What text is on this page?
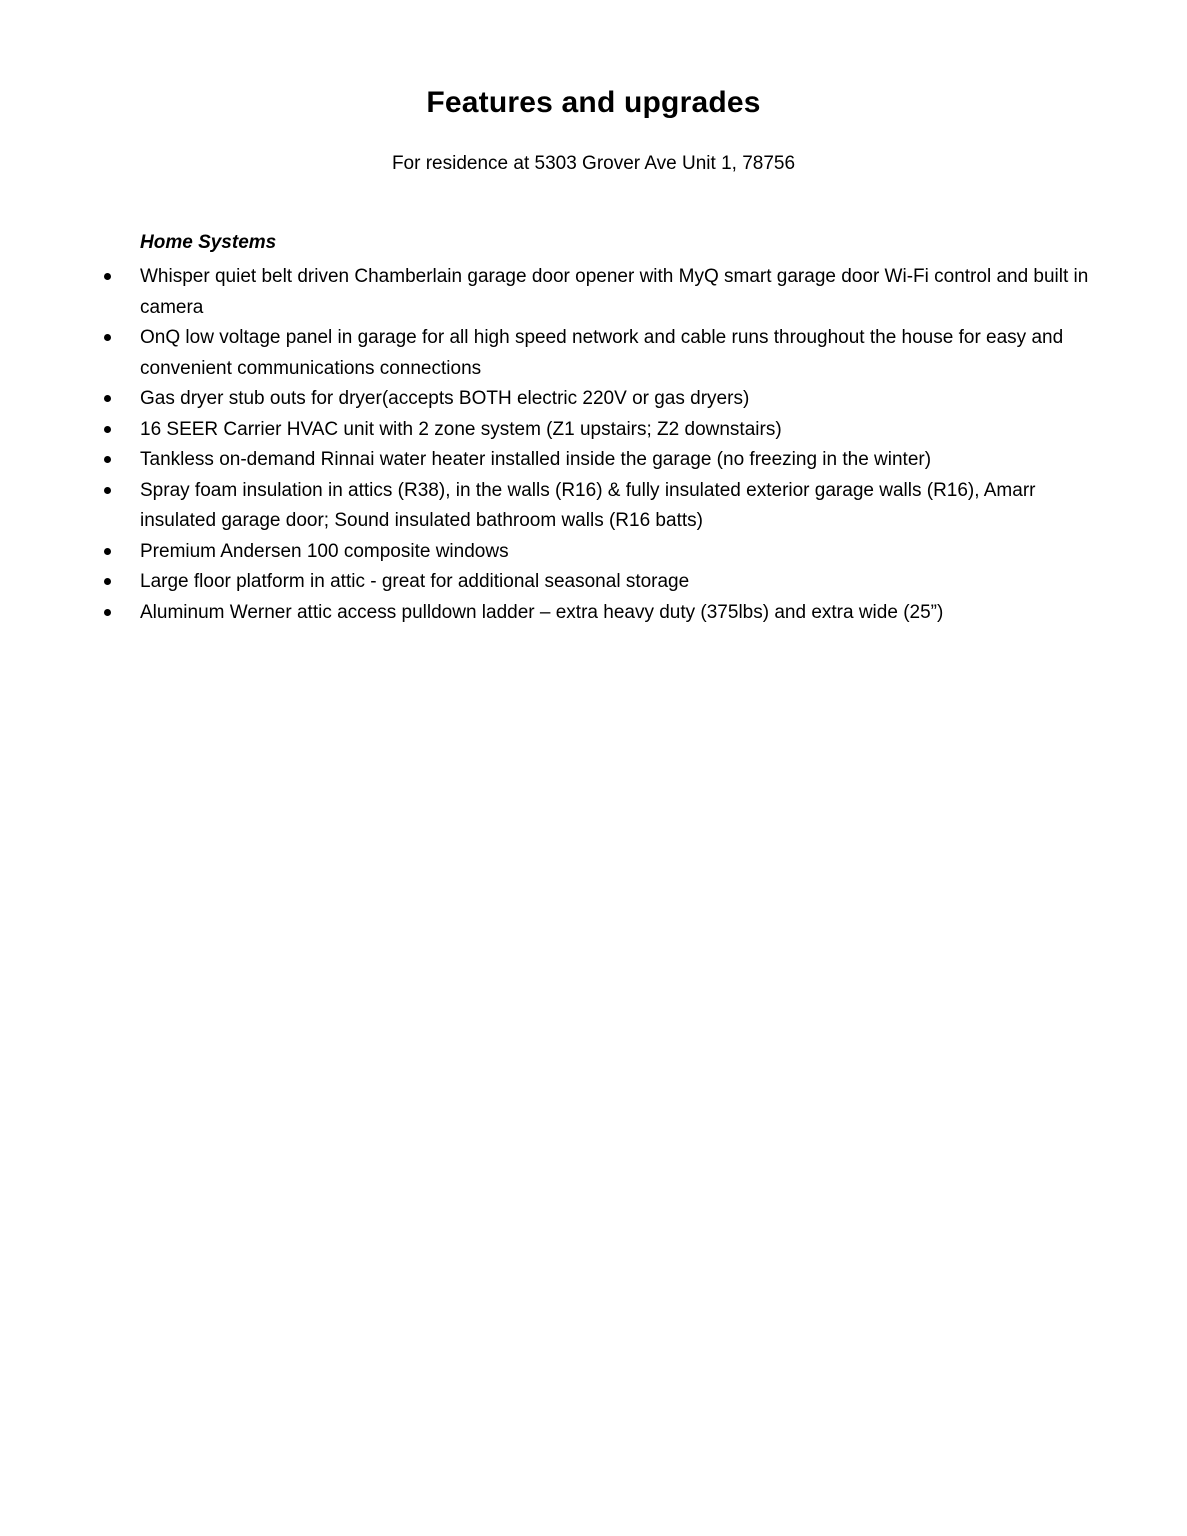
Features and upgrades

For residence at 5303 Grover Ave Unit 1, 78756

Home Systems
Whisper quiet belt driven Chamberlain garage door opener with MyQ smart garage door Wi-Fi control and built in camera
OnQ low voltage panel in garage for all high speed network and cable runs throughout the house for easy and convenient communications connections
Gas dryer stub outs for dryer(accepts BOTH electric 220V or gas dryers)
16 SEER Carrier HVAC unit with 2 zone system (Z1 upstairs; Z2 downstairs)
Tankless on-demand Rinnai water heater installed inside the garage (no freezing in the winter)
Spray foam insulation in attics (R38), in the walls (R16) & fully insulated exterior garage walls (R16), Amarr insulated garage door; Sound insulated bathroom walls (R16 batts)
Premium Andersen 100 composite windows
Large floor platform in attic - great for additional seasonal storage
Aluminum Werner attic access pulldown ladder – extra heavy duty (375lbs) and extra wide (25”)
